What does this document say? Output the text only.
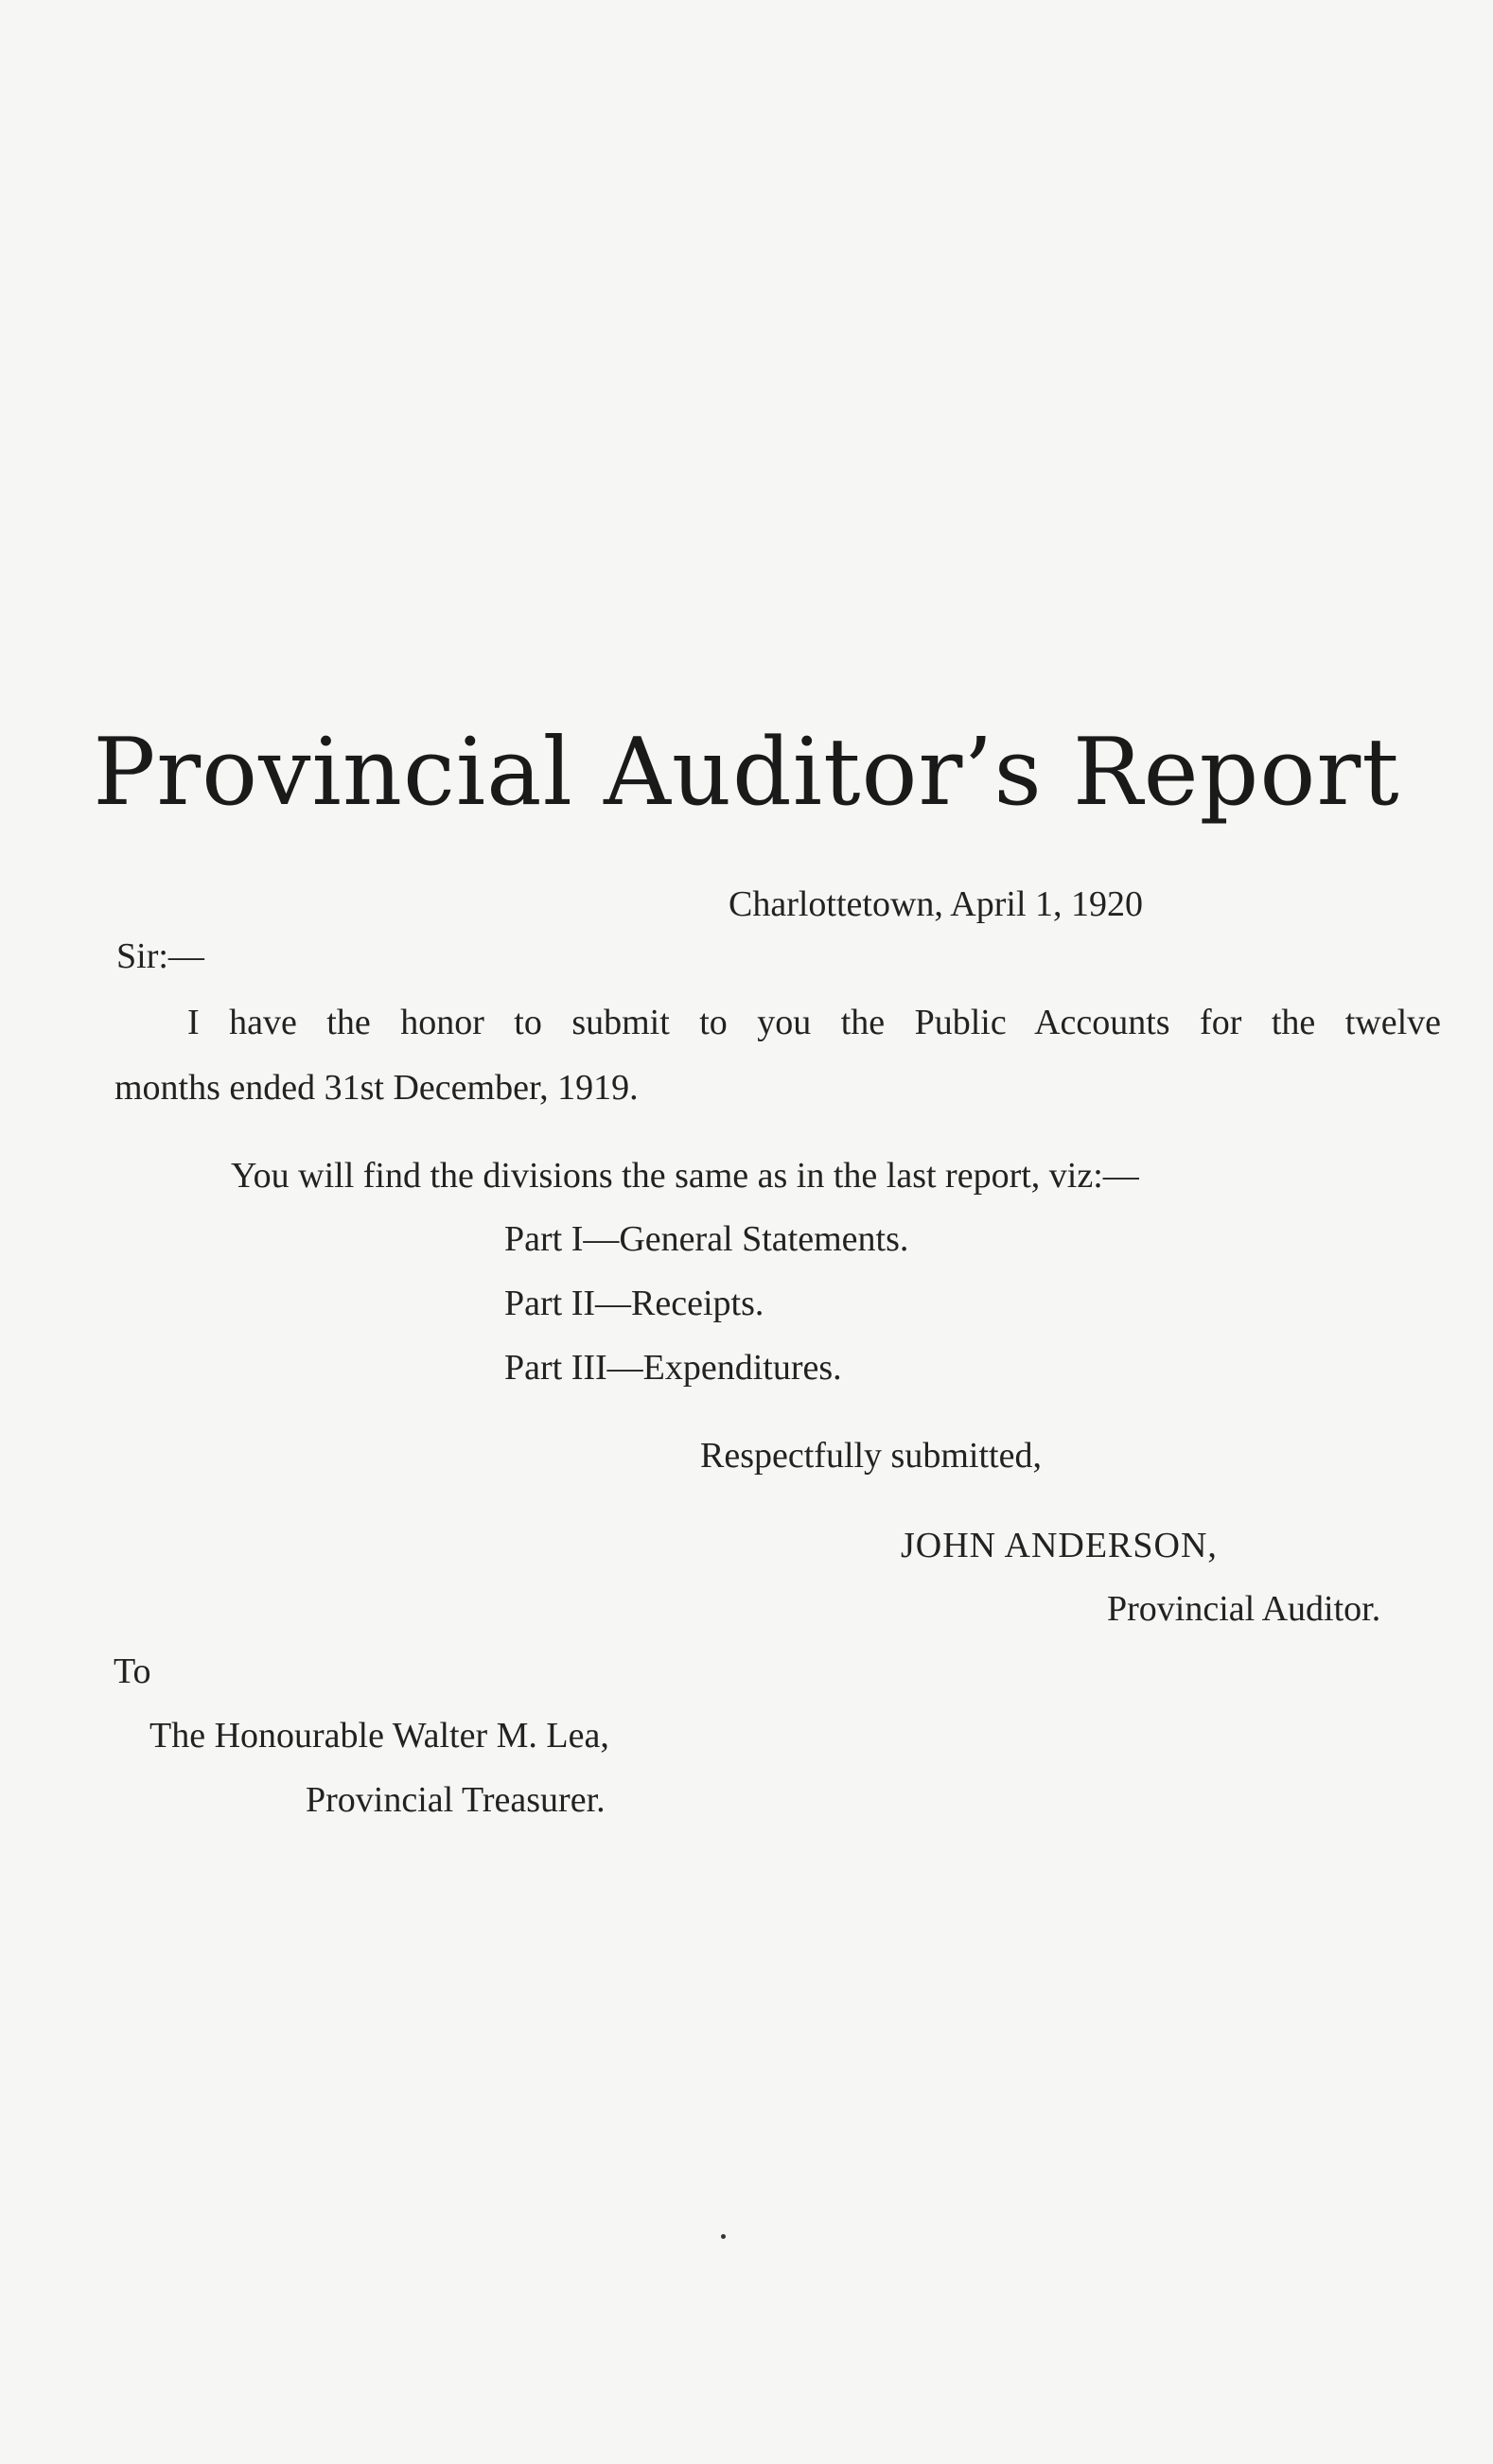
Provincial Auditor’s Report
Charlottetown, April 1, 1920
Sir:—
I have the honor to submit to you the Public Accounts for the twelve
months ended 31st December, 1919.
You will find the divisions the same as in the last report, viz:—
Part I—General Statements.
Part II—Receipts.
Part III—Expenditures.
Respectfully submitted,
JOHN ANDERSON,
Provincial Auditor.
To
The Honourable Walter M. Lea,
Provincial Treasurer.
